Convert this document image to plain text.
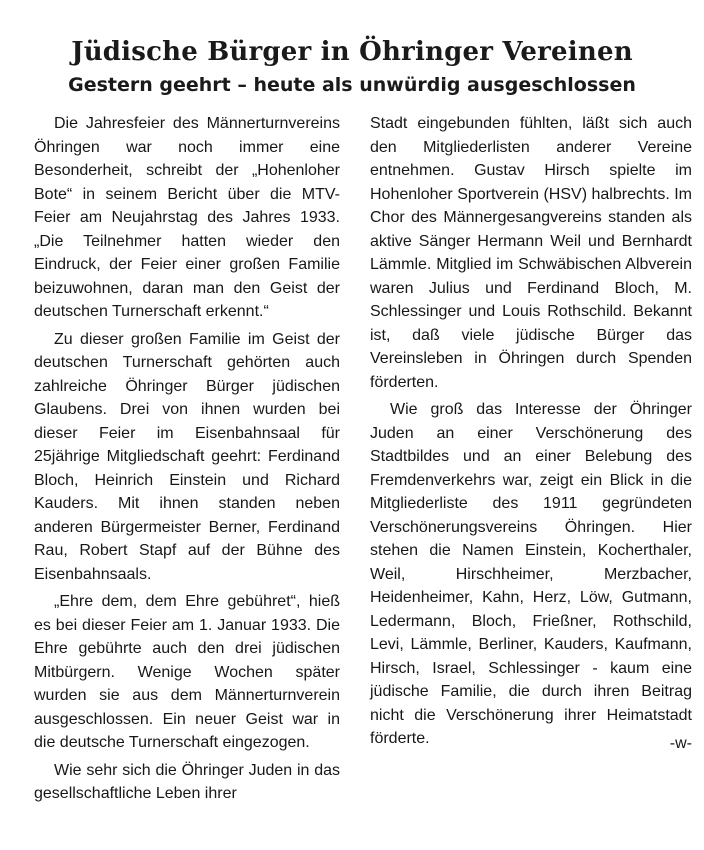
Jüdische Bürger in Öhringer Vereinen
Gestern geehrt – heute als unwürdig ausgeschlossen

Die Jahresfeier des Männerturnvereins Öhringen war noch immer eine Besonderheit, schreibt der „Hohenloher Bote“ in seinem Bericht über die MTV-Feier am Neujahrstag des Jahres 1933. „Die Teilnehmer hatten wieder den Eindruck, der Feier einer großen Familie beizuwohnen, daran man den Geist der deutschen Turnerschaft erkennt.“

Zu dieser großen Familie im Geist der deutschen Turnerschaft gehörten auch zahlreiche Öhringer Bürger jüdischen Glaubens. Drei von ihnen wurden bei dieser Feier im Eisenbahnsaal für 25jährige Mitgliedschaft geehrt: Ferdinand Bloch, Heinrich Einstein und Richard Kauders. Mit ihnen standen neben anderen Bürgermeister Berner, Ferdinand Rau, Robert Stapf auf der Bühne des Eisenbahnsaals.

„Ehre dem, dem Ehre gebühret“, hieß es bei dieser Feier am 1. Januar 1933. Die Ehre gebührte auch den drei jüdischen Mitbürgern. Wenige Wochen später wurden sie aus dem Männerturnverein ausgeschlossen. Ein neuer Geist war in die deutsche Turnerschaft eingezogen.

Wie sehr sich die Öhringer Juden in das gesellschaftliche Leben ihrer

Stadt eingebunden fühlten, läßt sich auch den Mitgliederlisten anderer Vereine entnehmen. Gustav Hirsch spielte im Hohenloher Sportverein (HSV) halbrechts. Im Chor des Männergesangvereins standen als aktive Sänger Hermann Weil und Bernhardt Lämmle. Mitglied im Schwäbischen Albverein waren Julius und Ferdinand Bloch, M. Schlessinger und Louis Rothschild. Bekannt ist, daß viele jüdische Bürger das Vereinsleben in Öhringen durch Spenden förderten.

Wie groß das Interesse der Öhringer Juden an einer Verschönerung des Stadtbildes und an einer Belebung des Fremdenverkehrs war, zeigt ein Blick in die Mitgliederliste des 1911 gegründeten Verschönerungsvereins Öhringen. Hier stehen die Namen Einstein, Kocherthaler, Weil, Hirschheimer, Merzbacher, Heidenheimer, Kahn, Herz, Löw, Gutmann, Ledermann, Bloch, Frießner, Rothschild, Levi, Lämmle, Berliner, Kauders, Kaufmann, Hirsch, Israel, Schlessinger - kaum eine jüdische Familie, die durch ihren Beitrag nicht die Verschönerung ihrer Heimatstadt förderte.	-w-
